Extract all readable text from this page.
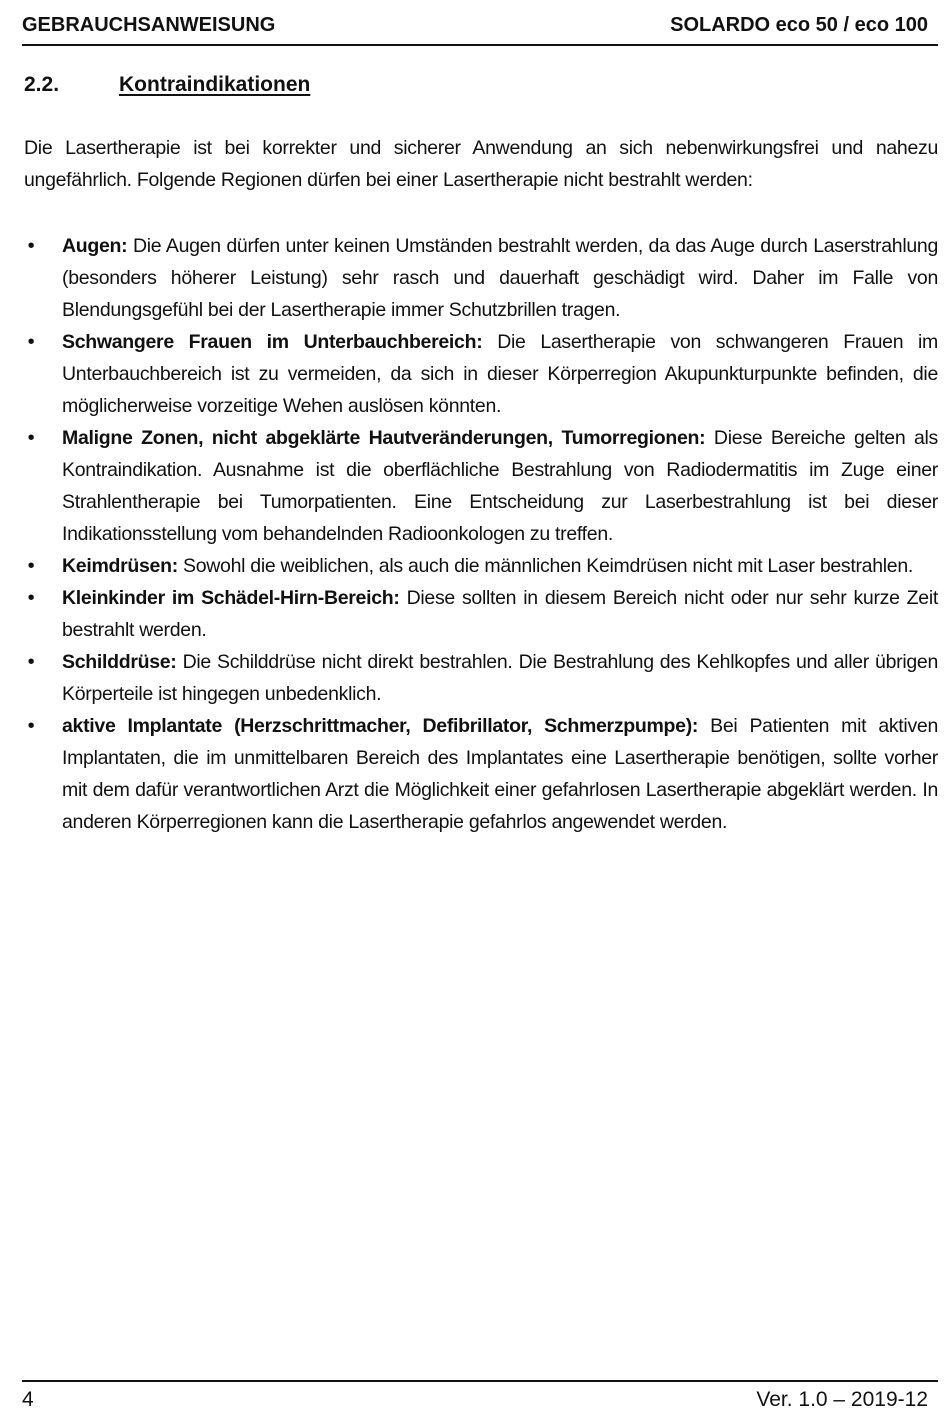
GEBRAUCHSANWEISUNG	SOLARDO eco 50 / eco 100
2.2.	Kontraindikationen

Die Lasertherapie ist bei korrekter und sicherer Anwendung an sich nebenwirkungsfrei und nahezu ungefährlich. Folgende Regionen dürfen bei einer Lasertherapie nicht bestrahlt werden:

• Augen: Die Augen dürfen unter keinen Umständen bestrahlt werden, da das Auge durch Laserstrahlung (besonders höherer Leistung) sehr rasch und dauerhaft geschädigt wird. Daher im Falle von Blendungsgefühl bei der Lasertherapie immer Schutzbrillen tragen.
• Schwangere Frauen im Unterbauchbereich: Die Lasertherapie von schwangeren Frauen im Unterbauchbereich ist zu vermeiden, da sich in dieser Körperregion Akupunkturpunkte befinden, die möglicherweise vorzeitige Wehen auslösen könnten.
• Maligne Zonen, nicht abgeklärte Hautveränderungen, Tumorregionen: Diese Bereiche gelten als Kontraindikation. Ausnahme ist die oberflächliche Bestrahlung von Radiodermatitis im Zuge einer Strahlentherapie bei Tumorpatienten. Eine Entscheidung zur Laserbestrahlung ist bei dieser Indikationsstellung vom behandelnden Radioonkologen zu treffen.
• Keimdrüsen: Sowohl die weiblichen, als auch die männlichen Keimdrüsen nicht mit Laser bestrahlen.
• Kleinkinder im Schädel-Hirn-Bereich: Diese sollten in diesem Bereich nicht oder nur sehr kurze Zeit bestrahlt werden.
• Schilddrüse: Die Schilddrüse nicht direkt bestrahlen. Die Bestrahlung des Kehlkopfes und aller übrigen Körperteile ist hingegen unbedenklich.
• aktive Implantate (Herzschrittmacher, Defibrillator, Schmerzpumpe): Bei Patienten mit aktiven Implantaten, die im unmittelbaren Bereich des Implantates eine Lasertherapie benötigen, sollte vorher mit dem dafür verantwortlichen Arzt die Möglichkeit einer gefahrlosen Lasertherapie abgeklärt werden. In anderen Körperregionen kann die Lasertherapie gefahrlos angewendet werden.
4	Ver. 1.0 – 2019-12
